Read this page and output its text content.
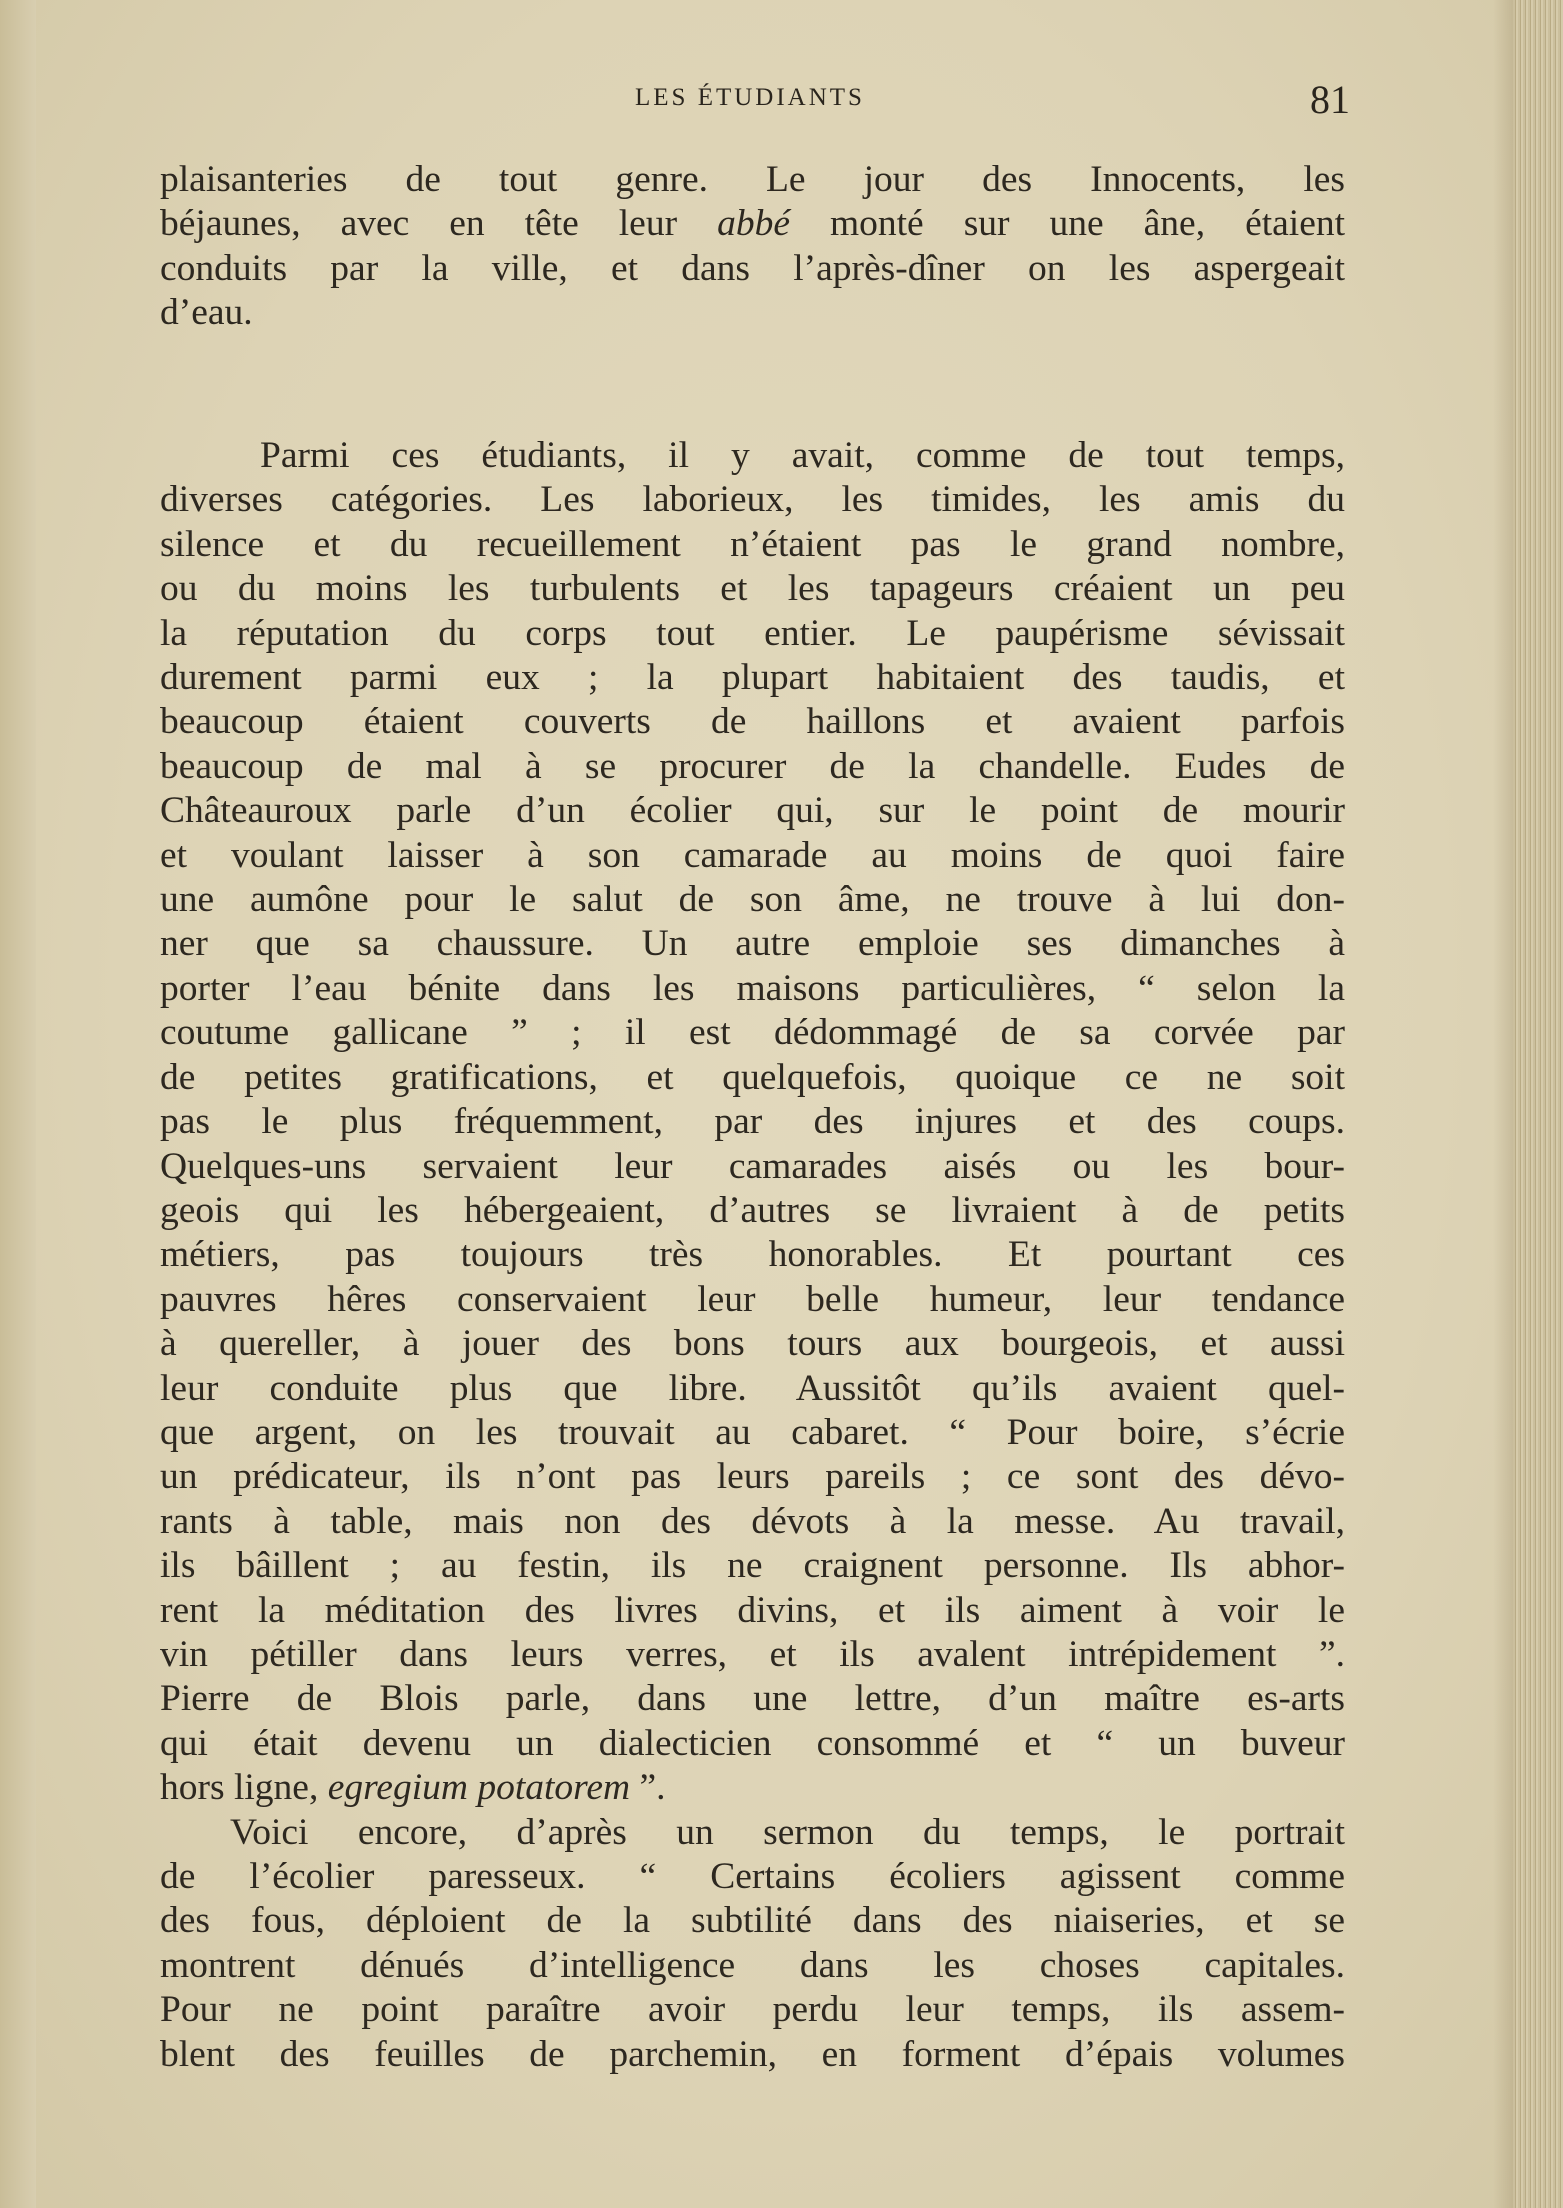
LES ÉTUDIANTS	81

plaisanteries de tout genre. Le jour des Innocents, les
béjaunes, avec en tête leur abbé monté sur une âne, étaient
conduits par la ville, et dans l’après-dîner on les aspergeait
d’eau.

Parmi ces étudiants, il y avait, comme de tout temps,
diverses catégories. Les laborieux, les timides, les amis du
silence et du recueillement n’étaient pas le grand nombre,
ou du moins les turbulents et les tapageurs créaient un peu
la réputation du corps tout entier. Le paupérisme sévissait
durement parmi eux ; la plupart habitaient des taudis, et
beaucoup étaient couverts de haillons et avaient parfois
beaucoup de mal à se procurer de la chandelle. Eudes de
Châteauroux parle d’un écolier qui, sur le point de mourir
et voulant laisser à son camarade au moins de quoi faire
une aumône pour le salut de son âme, ne trouve à lui don-
ner que sa chaussure. Un autre emploie ses dimanches à
porter l’eau bénite dans les maisons particulières, “ selon la
coutume gallicane ” ; il est dédommagé de sa corvée par
de petites gratifications, et quelquefois, quoique ce ne soit
pas le plus fréquemment, par des injures et des coups.
Quelques-uns servaient leur camarades aisés ou les bour-
geois qui les hébergeaient, d’autres se livraient à de petits
métiers, pas toujours très honorables. Et pourtant ces
pauvres hêres conservaient leur belle humeur, leur tendance
à quereller, à jouer des bons tours aux bourgeois, et aussi
leur conduite plus que libre. Aussitôt qu’ils avaient quel-
que argent, on les trouvait au cabaret. “ Pour boire, s’écrie
un prédicateur, ils n’ont pas leurs pareils ; ce sont des dévo-
rants à table, mais non des dévots à la messe. Au travail,
ils bâillent ; au festin, ils ne craignent personne. Ils abhor-
rent la méditation des livres divins, et ils aiment à voir le
vin pétiller dans leurs verres, et ils avalent intrépidement ”.
Pierre de Blois parle, dans une lettre, d’un maître es-arts
qui était devenu un dialecticien consommé et “ un buveur
hors ligne, egregium potatorem ”.
Voici encore, d’après un sermon du temps, le portrait
de l’écolier paresseux. “ Certains écoliers agissent comme
des fous, déploient de la subtilité dans des niaiseries, et se
montrent dénués d’intelligence dans les choses capitales.
Pour ne point paraître avoir perdu leur temps, ils assem-
blent des feuilles de parchemin, en forment d’épais volumes
